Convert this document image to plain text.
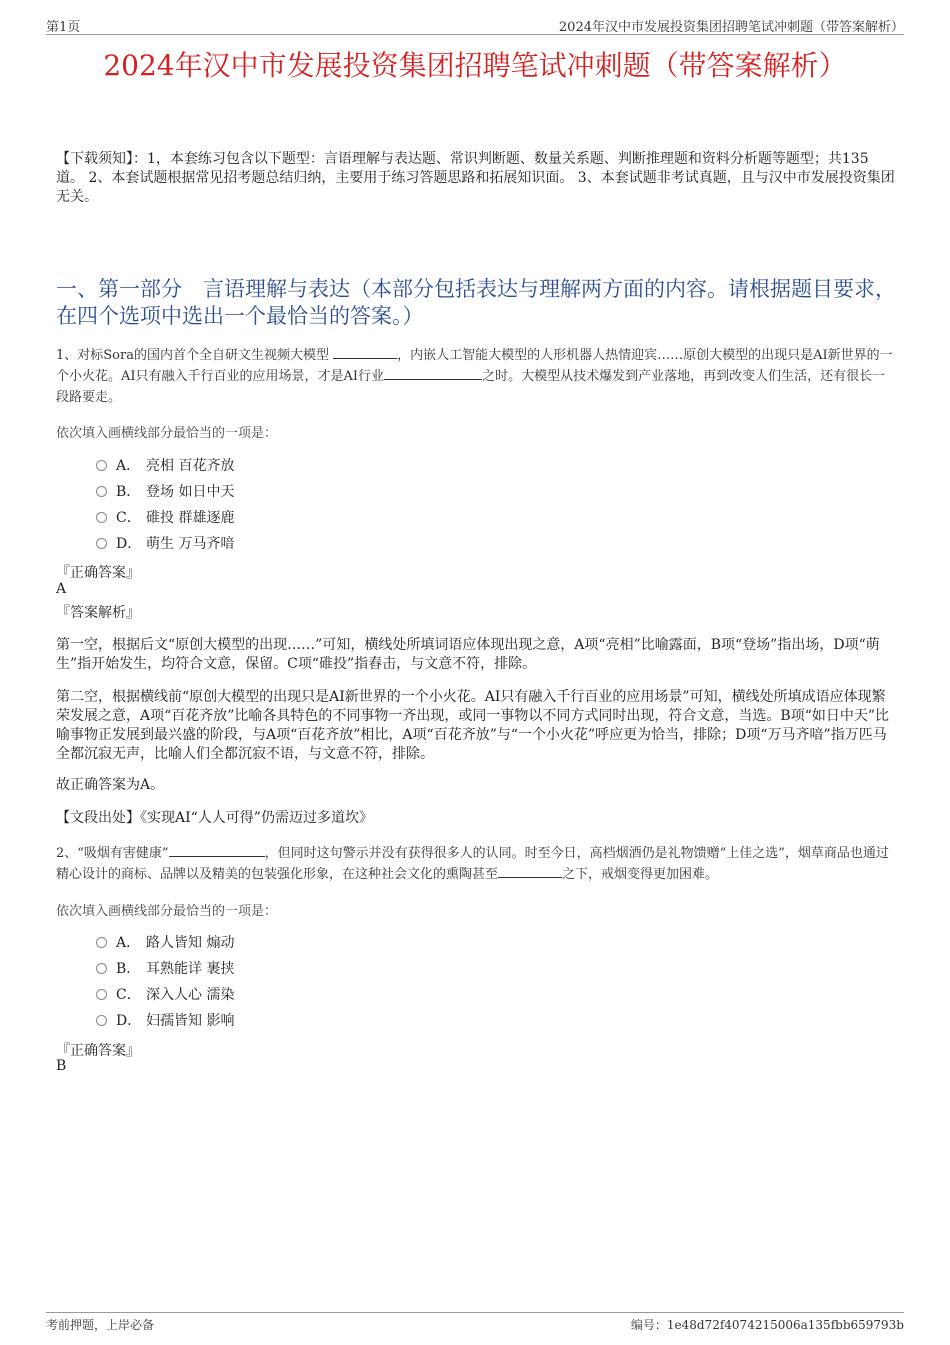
第1页	2024年汉中市发展投资集团招聘笔试冲刺题（带答案解析）
2024年汉中市发展投资集团招聘笔试冲刺题（带答案解析）
【下载须知】：1，本套练习包含以下题型：言语理解与表达题、常识判断题、数量关系题、判断推理题和资料分析题等题型；共135道。 2、本套试题根据常见招考题总结归纳，主要用于练习答题思路和拓展知识面。 3、本套试题非考试真题，且与汉中市发展投资集团无关。
一、第一部分　言语理解与表达（本部分包括表达与理解两方面的内容。请根据题目要求，在四个选项中选出一个最恰当的答案。）
1、对标Sora的国内首个全自研文生视频大模型	，内嵌人工智能大模型的人形机器人热情迎宾……原创大模型的出现只是AI新世界的一个小火花。AI只有融入千行百业的应用场景，才是AI行业	之时。大模型从技术爆发到产业落地，再到改变人们生活，还有很长一段路要走。
依次填入画横线部分最恰当的一项是：
A． 亮相 百花齐放
B． 登场 如日中天
C． 碓投 群雄逐鹿
D． 萌生 万马齐喑
『正确答案』
A
『答案解析』

第一空，根据后文“原创大模型的出现……”可知，横线处所填词语应体现出现之意，A项“亮相”比喻露面，B项“登场”指出场，D项“萌生”指开始发生，均符合文意，保留。C项“碓投”指舂击，与文意不符，排除。

第二空，根据横线前“原创大模型的出现只是AI新世界的一个小火花。AI只有融入千行百业的应用场景”可知，横线处所填成语应体现繁荣发展之意，A项“百花齐放”比喻各具特色的不同事物一齐出现，或同一事物以不同方式同时出现，符合文意，当选。B项“如日中天”比喻事物正发展到最兴盛的阶段，与A项“百花齐放”相比，A项“百花齐放”与“一个小火花”呼应更为恰当，排除；D项“万马齐喑”指万匹马全都沉寂无声，比喻人们全都沉寂不语，与文意不符，排除。

故正确答案为A。

【文段出处】《实现AI“人人可得”仍需迈过多道坎》

2、“吸烟有害健康”	，但同时这句警示并没有获得很多人的认同。时至今日，高档烟酒仍是礼物馈赠“上佳之选”，烟草商品也通过精心设计的商标、品牌以及精美的包装强化形象，在这种社会文化的熏陶甚至	之下，戒烟变得更加困难。
依次填入画横线部分最恰当的一项是：
A． 路人皆知 煽动
B． 耳熟能详 裹挟
C． 深入人心 濡染
D． 妇孺皆知 影响
『正确答案』
B
考前押题，上岸必备	编号：1e48d72f4074215006a135fbb659793b
